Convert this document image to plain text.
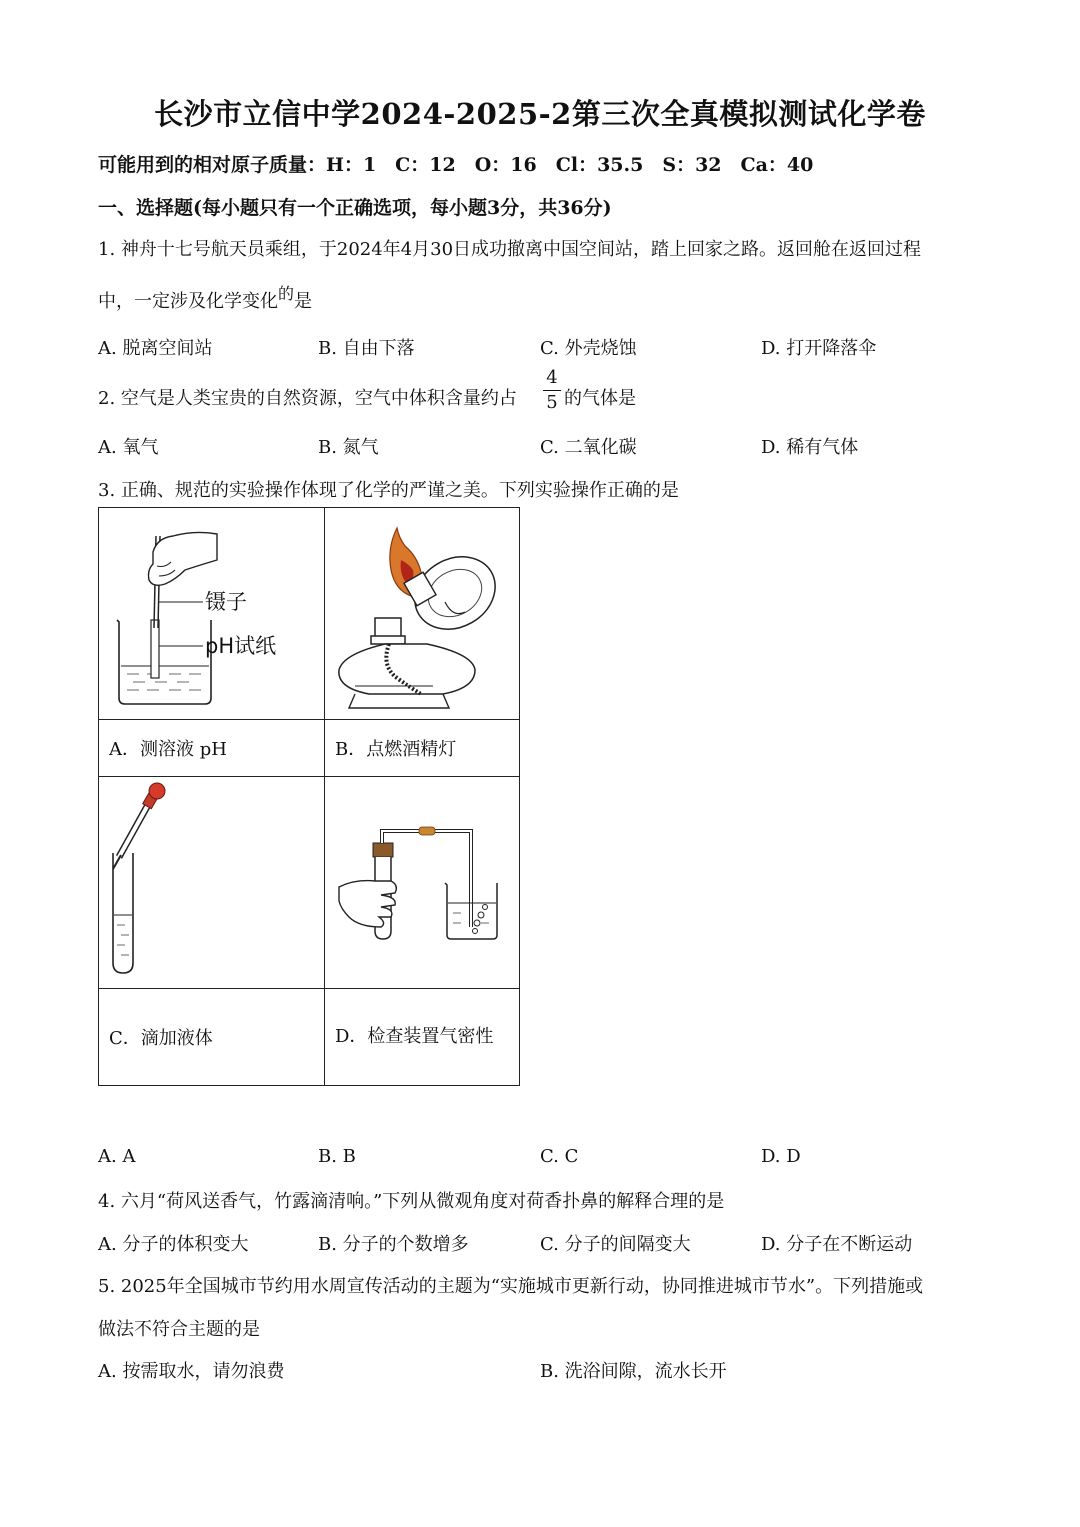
长沙市立信中学2024-2025-2第三次全真模拟测试化学卷
可能用到的相对原子质量：H：1　C：12　O：16　Cl：35.5　S：32　Ca：40
一、选择题(每小题只有一个正确选项，每小题3分，共36分)
1. 神舟十七号航天员乘组，于2024年4月30日成功撤离中国空间站，踏上回家之路。返回舱在返回过程
中，一定涉及化学变化的是
A. 脱离空间站	B. 自由下落	C. 外壳烧蚀	D. 打开降落伞
2. 空气是人类宝贵的自然资源，空气中体积含量约占
4
5 的气体是
A. 氧气	B. 氮气	C. 二氧化碳	D. 稀有气体
3. 正确、规范的实验操作体现了化学的严谨之美。下列实验操作正确的是
镊子
pH试纸

A．测溶液 pH	B．点燃酒精灯

C．滴加液体	D．检查装置气密性
A. A	B. B	C. C	D. D
4. 六月“荷风送香气，竹露滴清响。”下列从微观角度对荷香扑鼻的解释合理的是
A. 分子的体积变大	B. 分子的个数增多	C. 分子的间隔变大	D. 分子在不断运动
5. 2025年全国城市节约用水周宣传活动的主题为“实施城市更新行动，协同推进城市节水”。下列措施或
做法不符合主题的是
A. 按需取水，请勿浪费	B. 洗浴间隙，流水长开
